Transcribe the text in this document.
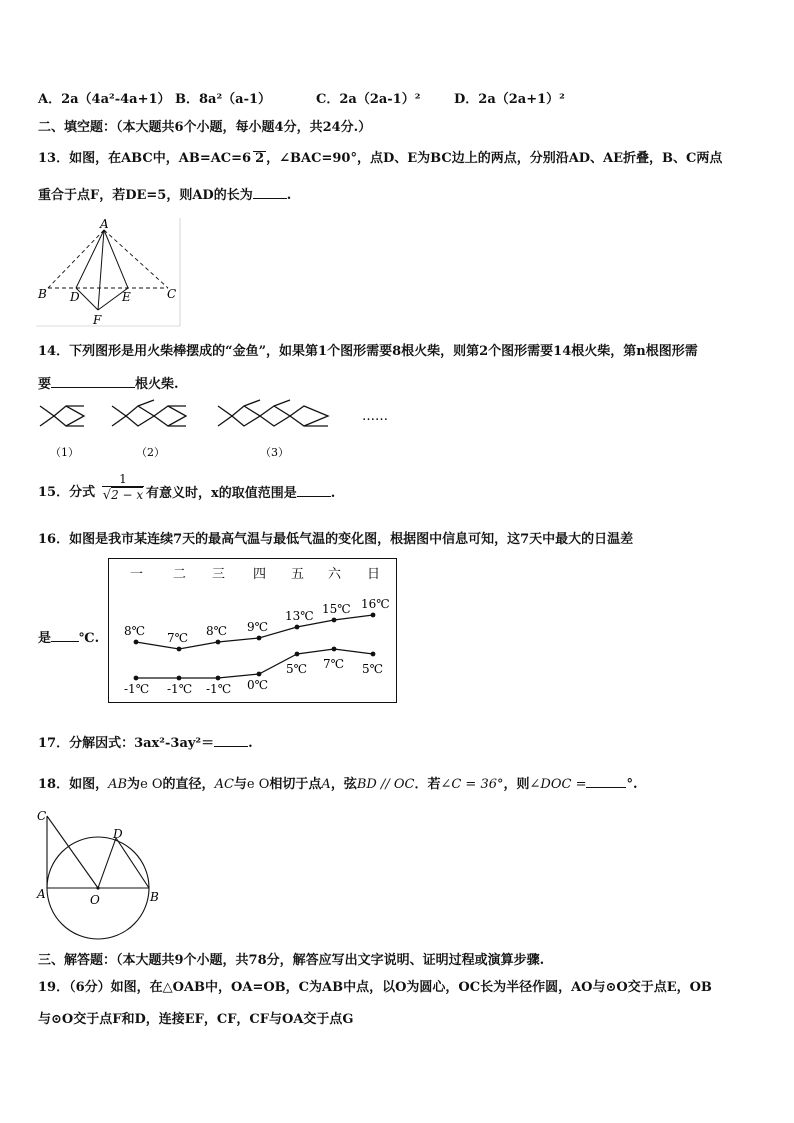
A．2a（4a²-4a+1） B．8a²（a-1）	C．2a（2a-1）²	D．2a（2a+1）²
二、填空题：（本大题共6个小题，每小题4分，共24分.）
13．如图，在ABC中，AB=AC=6 2 ，∠BAC=90°，点D、E为BC边上的两点，分别沿AD、AE折叠，B、C两点
重合于点F，若DE=5，则AD的长为	.
A
B	C
D	E
F
14．下列图形是用火柴棒摆成的“金鱼”，如果第1个图形需要8根火柴，则第2个图形需要14根火柴，第n根图形需
要	根火柴.
……
（1）	（2）	（3）
15．分式 $\frac{1}{√2 - x}$ 有意义时，x的取值范围是	.
16．如图是我市某连续7天的最高气温与最低气温的变化图，根据图中信息可知，这7天中最大的日温差
是 ℃.
一 二 三 四 五 六 日
8℃ 7℃ 8℃ 9℃
13℃ 15℃ 16℃
-1℃ -1℃ -1℃ 0℃
5℃ 7℃ 5℃
17．分解因式：3ax²-3ay²＝	.
18．如图，AB为e O的直径，AC与e O相切于点A，弦BD // OC．若∠C = 36°，则∠DOC =	°.
C
D
A	O	B
三、解答题：（本大题共9个小题，共78分，解答应写出文字说明、证明过程或演算步骤.
19．（6分）如图，在△OAB中，OA=OB，C为AB中点，以O为圆心，OC长为半径作圆，AO与⊙O交于点E，OB
与⊙O交于点F和D，连接EF，CF，CF与OA交于点G
